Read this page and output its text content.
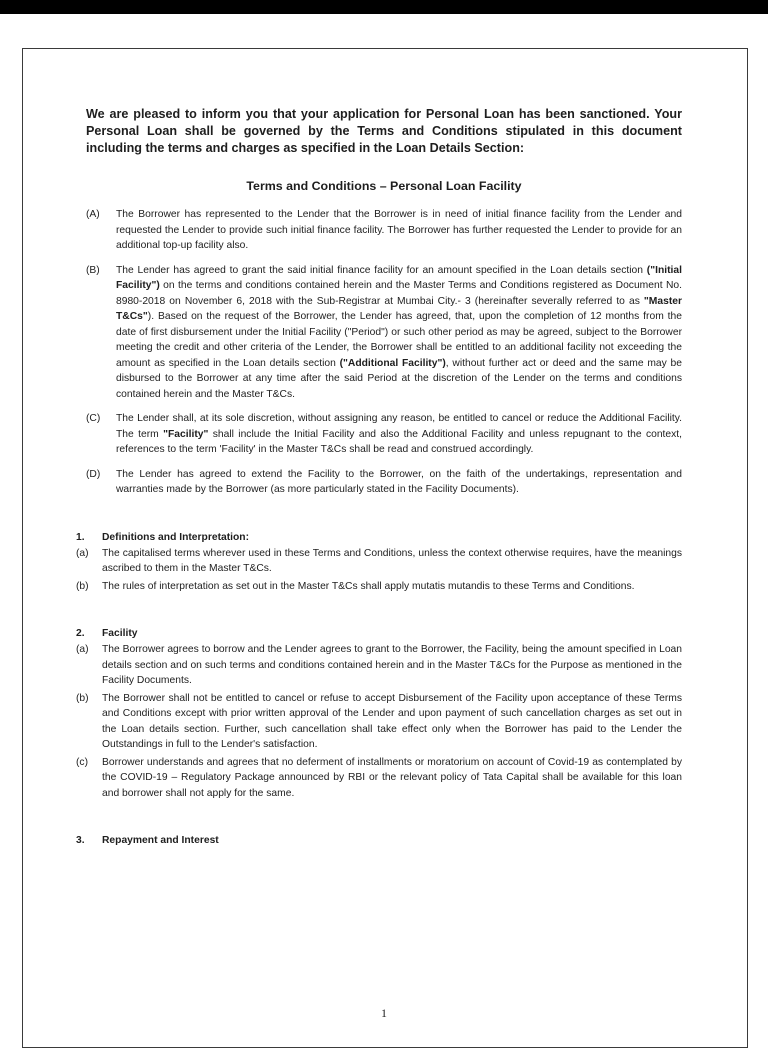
We are pleased to inform you that your application for Personal Loan has been sanctioned. Your Personal Loan shall be governed by the Terms and Conditions stipulated in this document including the terms and charges as specified in the Loan Details Section:

Terms and Conditions – Personal Loan Facility

(A)	The Borrower has represented to the Lender that the Borrower is in need of initial finance facility from the Lender and requested the Lender to provide such initial finance facility. The Borrower has further requested the Lender to provide for an additional top-up facility also.
(B)	The Lender has agreed to grant the said initial finance facility for an amount specified in the Loan details section ("Initial Facility") on the terms and conditions contained herein and the Master Terms and Conditions registered as Document No. 8980-2018 on November 6, 2018 with the Sub-Registrar at Mumbai City.- 3 (hereinafter severally referred to as "Master T&Cs"). Based on the request of the Borrower, the Lender has agreed, that, upon the completion of 12 months from the date of first disbursement under the Initial Facility ("Period") or such other period as may be agreed, subject to the Borrower meeting the credit and other criteria of the Lender, the Borrower shall be entitled to an additional facility not exceeding the amount as specified in the Loan details section ("Additional Facility"), without further act or deed and the same may be disbursed to the Borrower at any time after the said Period at the discretion of the Lender on the terms and conditions contained herein and the Master T&Cs.
(C)	The Lender shall, at its sole discretion, without assigning any reason, be entitled to cancel or reduce the Additional Facility. The term "Facility" shall include the Initial Facility and also the Additional Facility and unless repugnant to the context, references to the term 'Facility' in the Master T&Cs shall be read and construed accordingly.
(D)	The Lender has agreed to extend the Facility to the Borrower, on the faith of the undertakings, representation and warranties made by the Borrower (as more particularly stated in the Facility Documents).
1.	Definitions and Interpretation:
(a)	The capitalised terms wherever used in these Terms and Conditions, unless the context otherwise requires, have the meanings ascribed to them in the Master T&Cs.
(b)	The rules of interpretation as set out in the Master T&Cs shall apply mutatis mutandis to these Terms and Conditions.
2.	Facility
(a)	The Borrower agrees to borrow and the Lender agrees to grant to the Borrower, the Facility, being the amount specified in Loan details section and on such terms and conditions contained herein and in the Master T&Cs for the Purpose as mentioned in the Facility Documents.
(b)	The Borrower shall not be entitled to cancel or refuse to accept Disbursement of the Facility upon acceptance of these Terms and Conditions except with prior written approval of the Lender and upon payment of such cancellation charges as set out in the Loan details section. Further, such cancellation shall take effect only when the Borrower has paid to the Lender the Outstandings in full to the Lender's satisfaction.
(c)	Borrower understands and agrees that no deferment of installments or moratorium on account of Covid-19 as contemplated by the COVID-19 – Regulatory Package announced by RBI or the relevant policy of Tata Capital shall be available for this loan and borrower shall not apply for the same.
3.	Repayment and Interest
1
